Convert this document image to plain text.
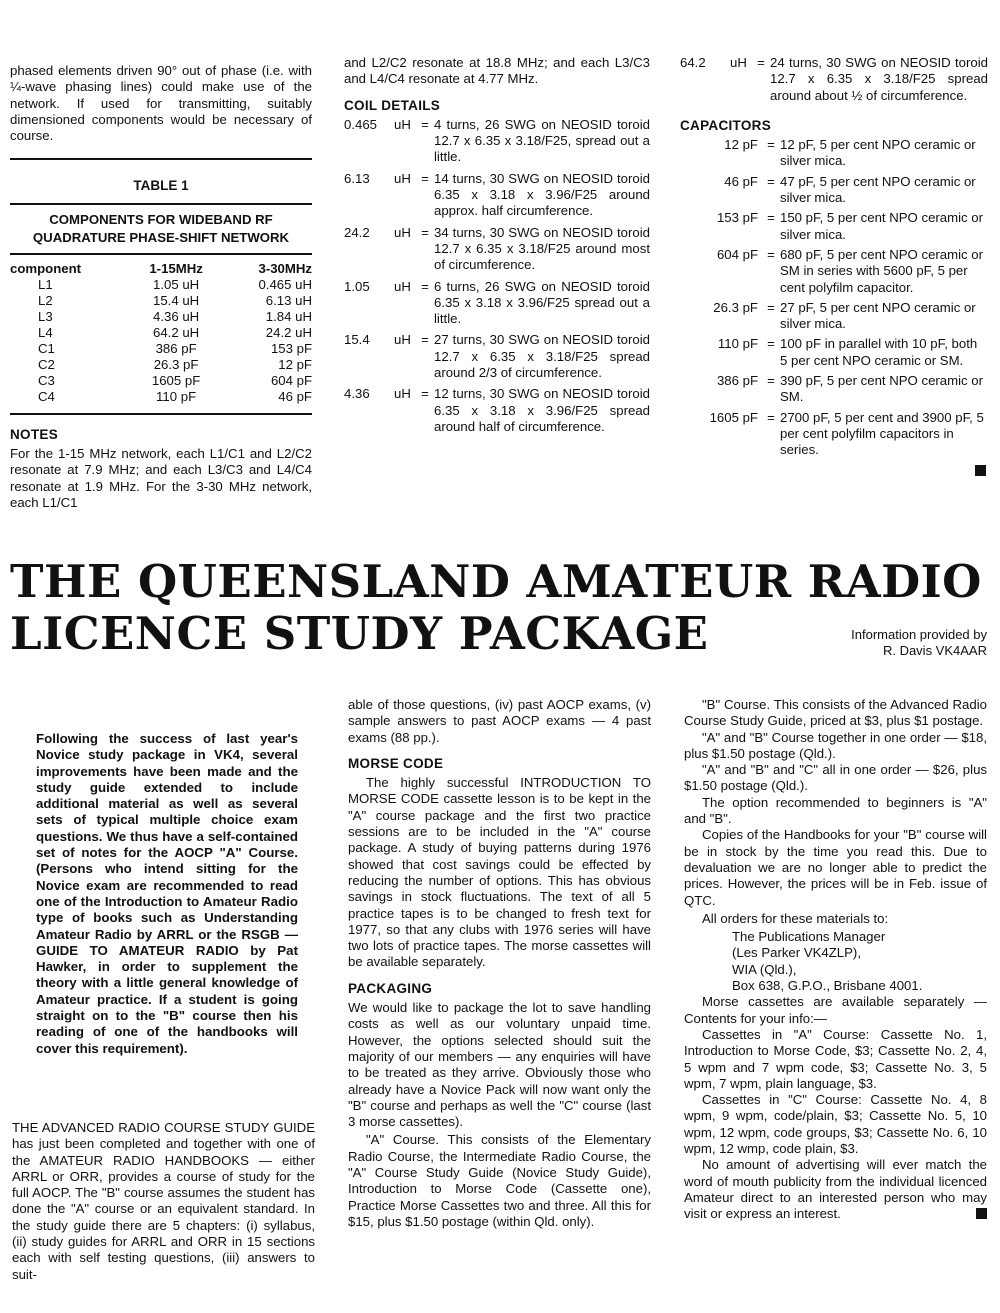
phased elements driven 90° out of phase (i.e. with ¼-wave phasing lines) could make use of the network. If used for transmitting, suitably dimensioned components would be necessary of course.

TABLE 1

COMPONENTS FOR WIDEBAND RF
QUADRATURE PHASE-SHIFT NETWORK
component	1-15MHz	3-30MHz
L1	1.05 uH	0.465 uH
L2	15.4 uH	6.13 uH
L3	4.36 uH	1.84 uH
L4	64.2 uH	24.2 uH
C1	386 pF	153 pF
C2	26.3 pF	12 pF
C3	1605 pF	604 pF
C4	110 pF	46 pF
NOTES

For the 1-15 MHz network, each L1/C1 and L2/C2 resonate at 7.9 MHz; and each L3/C3 and L4/C4 resonate at 1.9 MHz. For the 3-30 MHz network, each L1/C1

and L2/C2 resonate at 18.8 MHz; and each L3/C3 and L4/C4 resonate at 4.77 MHz.

COIL DETAILS
0.465	uH = 4 turns, 26 SWG on NEOSID toroid 12.7 x 6.35 x 3.18/F25, spread out a little.
6.13	uH = 14 turns, 30 SWG on NEOSID toroid 6.35 x 3.18 x 3.96/F25 around approx. half circumference.
24.2	uH = 34 turns, 30 SWG on NEOSID toroid 12.7 x 6.35 x 3.18/F25 around most of circumference.
1.05	uH = 6 turns, 26 SWG on NEOSID toroid 6.35 x 3.18 x 3.96/F25 spread out a little.
15.4	uH = 27 turns, 30 SWG on NEOSID toroid 12.7 x 6.35 x 3.18/F25 spread around 2/3 of circumference.
4.36	uH = 12 turns, 30 SWG on NEOSID toroid 6.35 x 3.18 x 3.96/F25 spread around half of circumference.
64.2	uH = 24 turns, 30 SWG on NEOSID toroid 12.7 x 6.35 x 3.18/F25 spread around about ½ of circumference.
CAPACITORS
12 pF = 12 pF, 5 per cent NPO ceramic or silver mica.
46 pF = 47 pF, 5 per cent NPO ceramic or silver mica.
153 pF = 150 pF, 5 per cent NPO ceramic or silver mica.
604 pF = 680 pF, 5 per cent NPO ceramic or SM in series with 5600 pF, 5 per cent polyfilm capacitor.
26.3 pF = 27 pF, 5 per cent NPO ceramic or silver mica.
110 pF = 100 pF in parallel with 10 pF, both 5 per cent NPO ceramic or SM.
386 pF = 390 pF, 5 per cent NPO ceramic or SM.
1605 pF = 2700 pF, 5 per cent and 3900 pF, 5 per cent polyfilm capacitors in series.
THE QUEENSLAND AMATEUR RADIO
LICENCE STUDY PACKAGE	Information provided by
R. Davis VK4AAR
Following the success of last year's Novice study package in VK4, several improvements have been made and the study guide extended to include additional material as well as several sets of typical multiple choice exam questions. We thus have a self-contained set of notes for the AOCP "A" Course. (Persons who intend sitting for the Novice exam are recommended to read one of the Introduction to Amateur Radio type of books such as Understanding Amateur Radio by ARRL or the RSGB — GUIDE TO AMATEUR RADIO by Pat Hawker, in order to supplement the theory with a little general knowledge of Amateur practice. If a student is going straight on to the "B" course then his reading of one of the handbooks will cover this requirement).

THE ADVANCED RADIO COURSE STUDY GUIDE has just been completed and together with one of the AMATEUR RADIO HANDBOOKS — either ARRL or ORR, provides a course of study for the full AOCP. The "B" course assumes the student has done the "A" course or an equivalent standard. In the study guide there are 5 chapters: (i) syllabus, (ii) study guides for ARRL and ORR in 15 sections each with self testing questions, (iii) answers to suit-

able of those questions, (iv) past AOCP exams, (v) sample answers to past AOCP exams — 4 past exams (88 pp.).

MORSE CODE

The highly successful INTRODUCTION TO MORSE CODE cassette lesson is to be kept in the "A" course package and the first two practice sessions are to be included in the "A" course package. A study of buying patterns during 1976 showed that cost savings could be effected by reducing the number of options. This has obvious savings in stock fluctuations. The text of all 5 practice tapes is to be changed to fresh text for 1977, so that any clubs with 1976 series will have two lots of practice tapes. The morse cassettes will be available separately.

PACKAGING

We would like to package the lot to save handling costs as well as our voluntary unpaid time. However, the options selected should suit the majority of our members — any enquiries will have to be treated as they arrive. Obviously those who already have a Novice Pack will now want only the "B" course and perhaps as well the "C" course (last 3 morse cassettes).

"A" Course. This consists of the Elementary Radio Course, the Intermediate Radio Course, the "A" Course Study Guide (Novice Study Guide), Introduction to Morse Code (Cassette one), Practice Morse Cassettes two and three. All this for $15, plus $1.50 postage (within Qld. only).

"B" Course. This consists of the Advanced Radio Course Study Guide, priced at $3, plus $1 postage.

"A" and "B" Course together in one order — $18, plus $1.50 postage (Qld.).

"A" and "B" and "C" all in one order — $26, plus $1.50 postage (Qld.).

The option recommended to beginners is "A" and "B".

Copies of the Handbooks for your "B" course will be in stock by the time you read this. Due to devaluation we are no longer able to predict the prices. However, the prices will be in Feb. issue of QTC.

All orders for these materials to:

The Publications Manager
(Les Parker VK4ZLP),
WIA (Qld.),
Box 638, G.P.O., Brisbane 4001.

Morse cassettes are available separately —Contents for your info:—

Cassettes in "A" Course: Cassette No. 1, Introduction to Morse Code, $3; Cassette No. 2, 4, 5 wpm and 7 wpm code, $3; Cassette No. 3, 5 wpm, 7 wpm, plain language, $3.

Cassettes in "C" Course: Cassette No. 4, 8 wpm, 9 wpm, code/plain, $3; Cassette No. 5, 10 wpm, 12 wpm, code groups, $3; Cassette No. 6, 10 wpm, 12 wmp, code plain, $3.

No amount of advertising will ever match the word of mouth publicity from the individual licenced Amateur direct to an interested person who may visit or express an interest.
